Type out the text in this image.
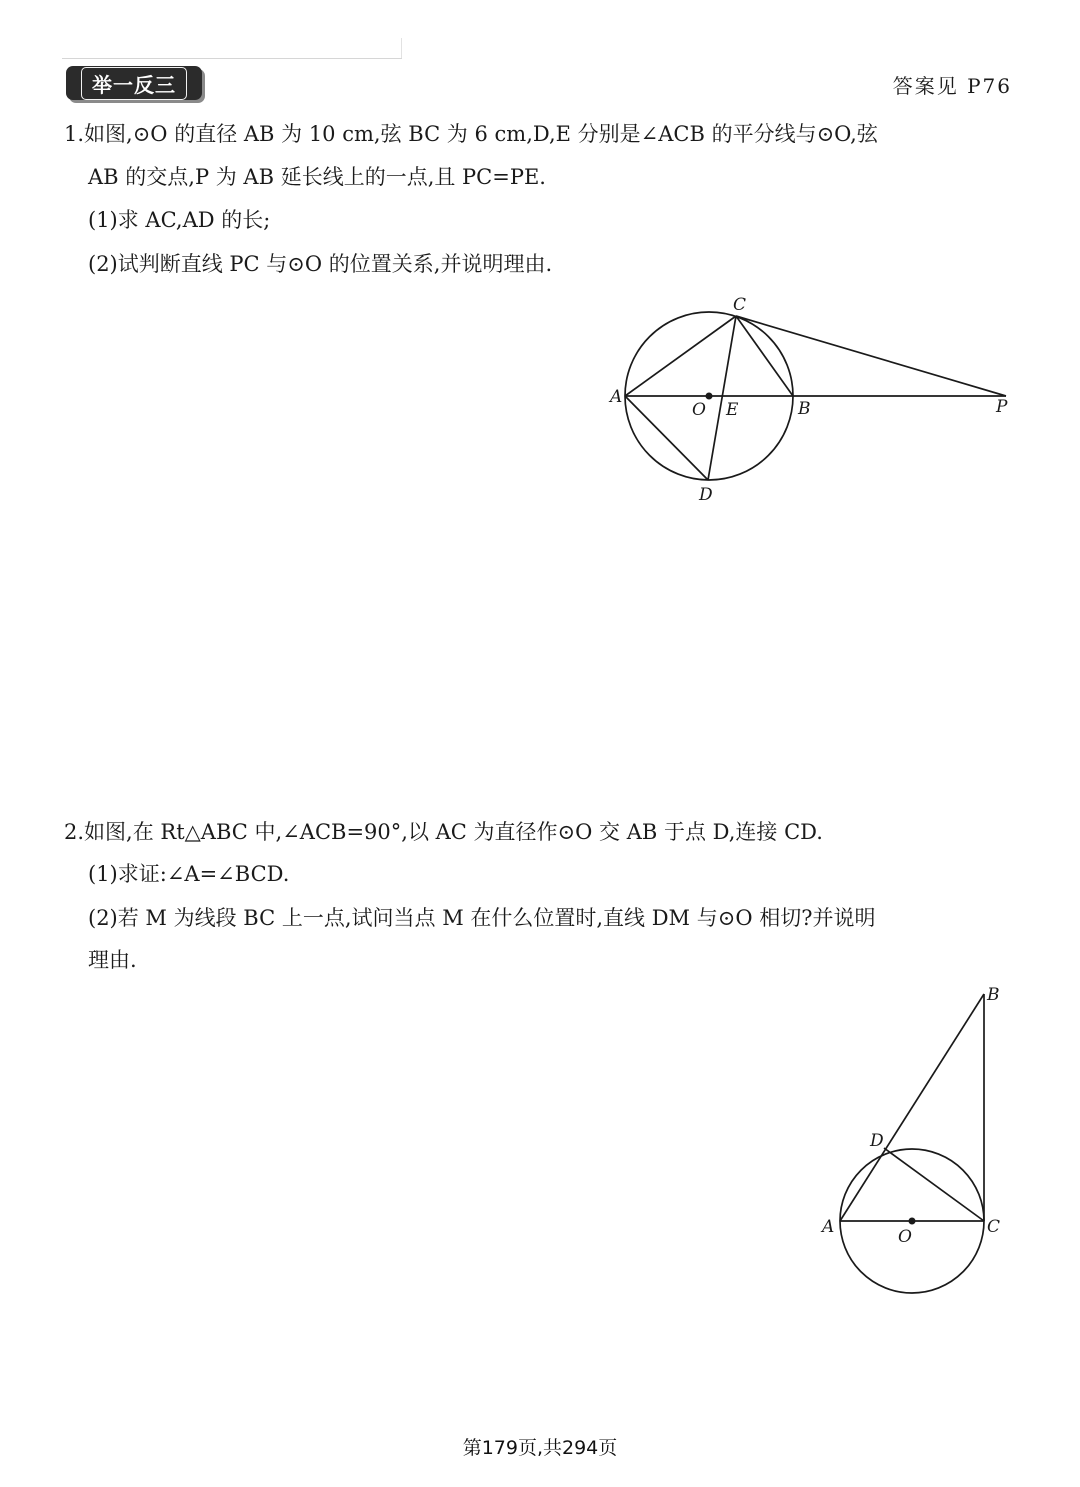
举一反三	答案见 P76
1.如图,⊙O 的直径 AB 为 10 cm,弦 BC 为 6 cm,D,E 分别是∠ACB 的平分线与⊙O,弦
AB 的交点,P 为 AB 延长线上的一点,且 PC=PE.
(1)求 AC,AD 的长;
(2)试判断直线 PC 与⊙O 的位置关系,并说明理由.
C
A
O E	B	P
D
2.如图,在 Rt△ABC 中,∠ACB=90°,以 AC 为直径作⊙O 交 AB 于点 D,连接 CD.
(1)求证:∠A=∠BCD.
(2)若 M 为线段 BC 上一点,试问当点 M 在什么位置时,直线 DM 与⊙O 相切?并说明
理由.
B
D
A	O	C
第179页,共294页
